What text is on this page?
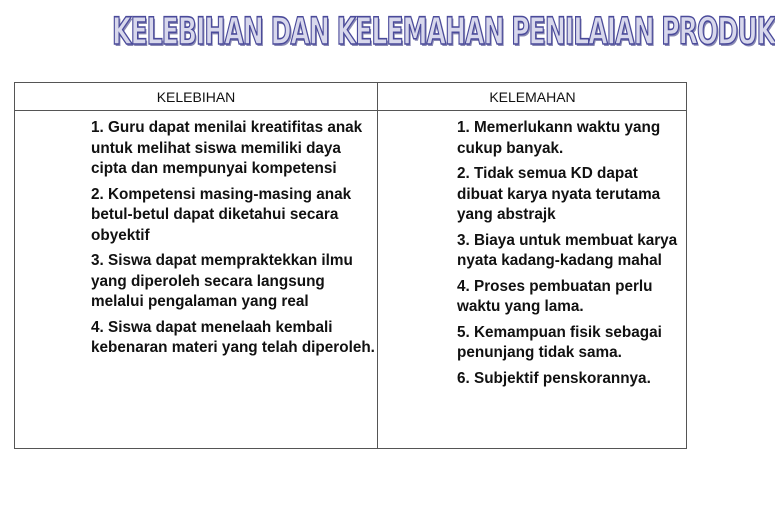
KELEBIHAN DAN KELEMAHAN PENILAIAN PRODUK
KELEBIHAN	KELEMAHAN
1. Guru dapat menilai kreatifitas anak untuk melihat siswa memiliki daya cipta dan mempunyai kompetensi
2. Kompetensi masing-masing anak betul-betul dapat diketahui secara obyektif
3. Siswa dapat mempraktekkan ilmu yang diperoleh secara langsung melalui pengalaman yang real
4. Siswa dapat menelaah kembali kebenaran materi yang telah diperoleh.
1. Memerlukann waktu yang cukup banyak.
2. Tidak semua KD dapat dibuat karya nyata terutama yang abstrajk
3. Biaya untuk membuat karya nyata kadang-kadang mahal
4. Proses pembuatan perlu waktu yang lama.
5. Kemampuan fisik sebagai penunjang tidak sama.
6. Subjektif penskorannya.
